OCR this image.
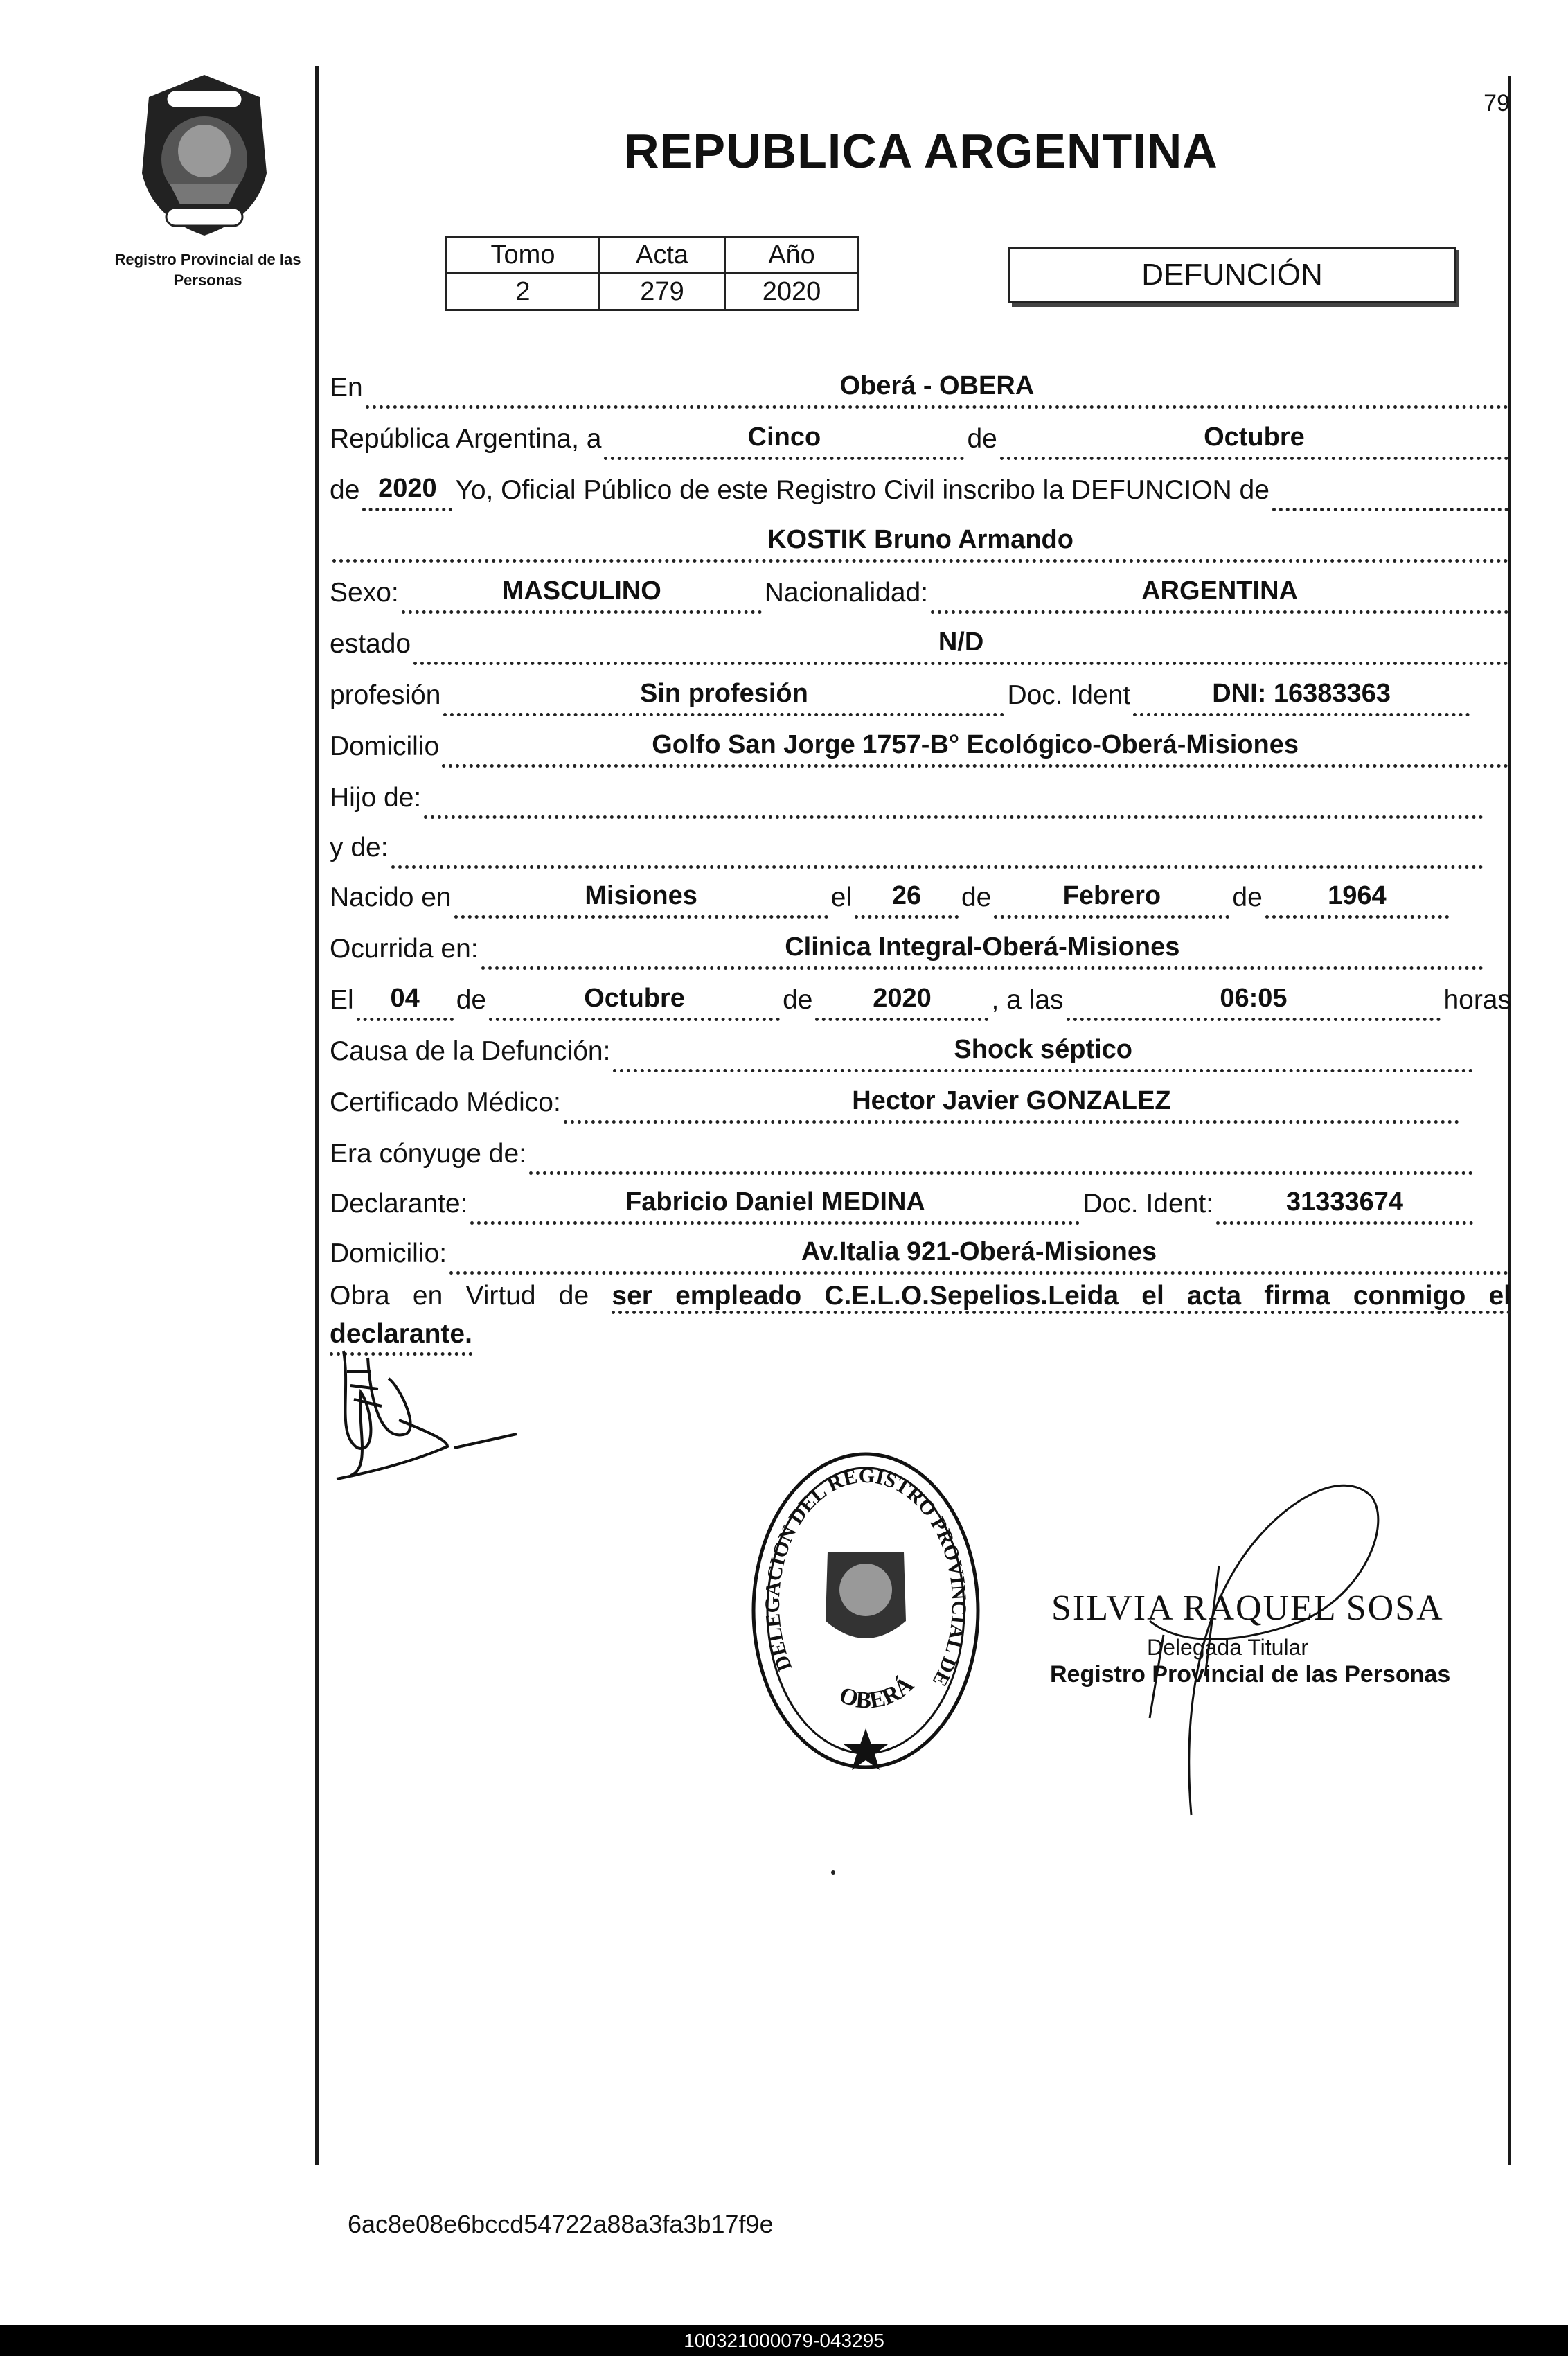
Registro Provincial de las Personas
79
REPUBLICA ARGENTINA
Tomo	Acta	Año
2	279	2020	DEFUNCIÓN
En	Oberá - OBERA
República Argentina, a	Cinco	de	Octubre
de 2020 Yo, Oficial Público de este Registro Civil inscribo la DEFUNCION de
KOSTIK Bruno Armando
Sexo:	MASCULINO	Nacionalidad:	ARGENTINA
estado	N/D
profesión	Sin profesión	Doc. Ident	DNI: 16383363
Domicilio	Golfo San Jorge 1757-B° Ecológico-Oberá-Misiones
Hijo de:
y de:
Nacido en	Misiones	el	26	de	Febrero	de	1964
Ocurrida en:	Clinica Integral-Oberá-Misiones
El	04	de	Octubre	de	2020	, a las	06:05	horas
Causa de la Defunción:	Shock séptico
Certificado Médico:	Hector Javier GONZALEZ
Era cónyuge de:
Declarante:	Fabricio Daniel MEDINA	Doc. Ident:	31333674
Domicilio:	Av.Italia 921-Oberá-Misiones
Obra en Virtud de ser empleado C.E.L.O.Sepelios.Leida el acta firma conmigo el
declarante.
DELEGACION DEL REGISTRO PROVINCIAL DE
OBERÁ
SILVIA RAQUEL SOSA
Delegada Titular
Registro Provincial de las Personas
6ac8e08e6bccd54722a88a3fa3b17f9e
100321000079-043295
